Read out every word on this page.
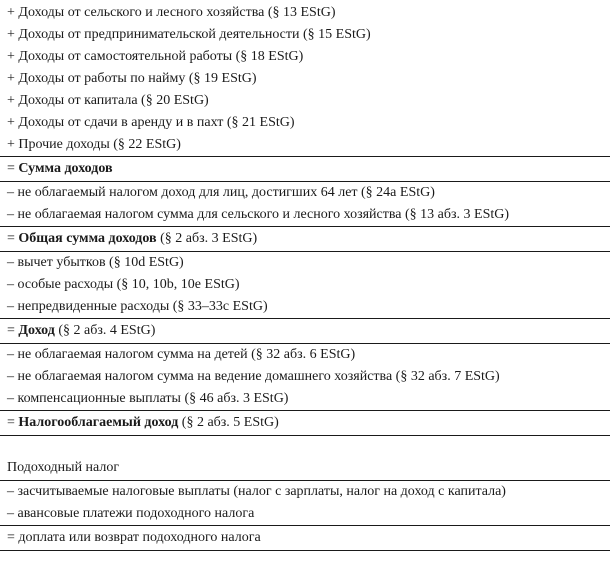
+ Доходы от сельского и лесного хозяйства (§ 13 EStG)
+ Доходы от предпринимательской деятельности (§ 15 EStG)
+ Доходы от самостоятельной работы (§ 18 EStG)
+ Доходы от работы по найму (§ 19 EStG)
+ Доходы от капитала (§ 20 EStG)
+ Доходы от сдачи в аренду и в пахт (§ 21 EStG)
+ Прочие доходы (§ 22 EStG)
= Сумма доходов
– не облагаемый налогом доход для лиц, достигших 64 лет (§ 24a EStG)
– не облагаемая налогом сумма для сельского и лесного хозяйства (§ 13 абз. 3 EStG)
= Общая сумма доходов (§ 2 абз. 3 EStG)
– вычет убытков (§ 10d EStG)
– особые расходы (§ 10, 10b, 10e EStG)
– непредвиденные расходы (§ 33–33c EStG)
= Доход (§ 2 абз. 4 EStG)
– не облагаемая налогом сумма на детей (§ 32 абз. 6 EStG)
– не облагаемая налогом сумма на ведение домашнего хозяйства (§ 32 абз. 7 EStG)
– компенсационные выплаты (§ 46 абз. 3 EStG)
= Налогооблагаемый доход (§ 2 абз. 5 EStG)
Подоходный налог
– засчитываемые налоговые выплаты (налог с зарплаты, налог на доход с капитала)
– авансовые платежи подоходного налога
= доплата или возврат подоходного налога
